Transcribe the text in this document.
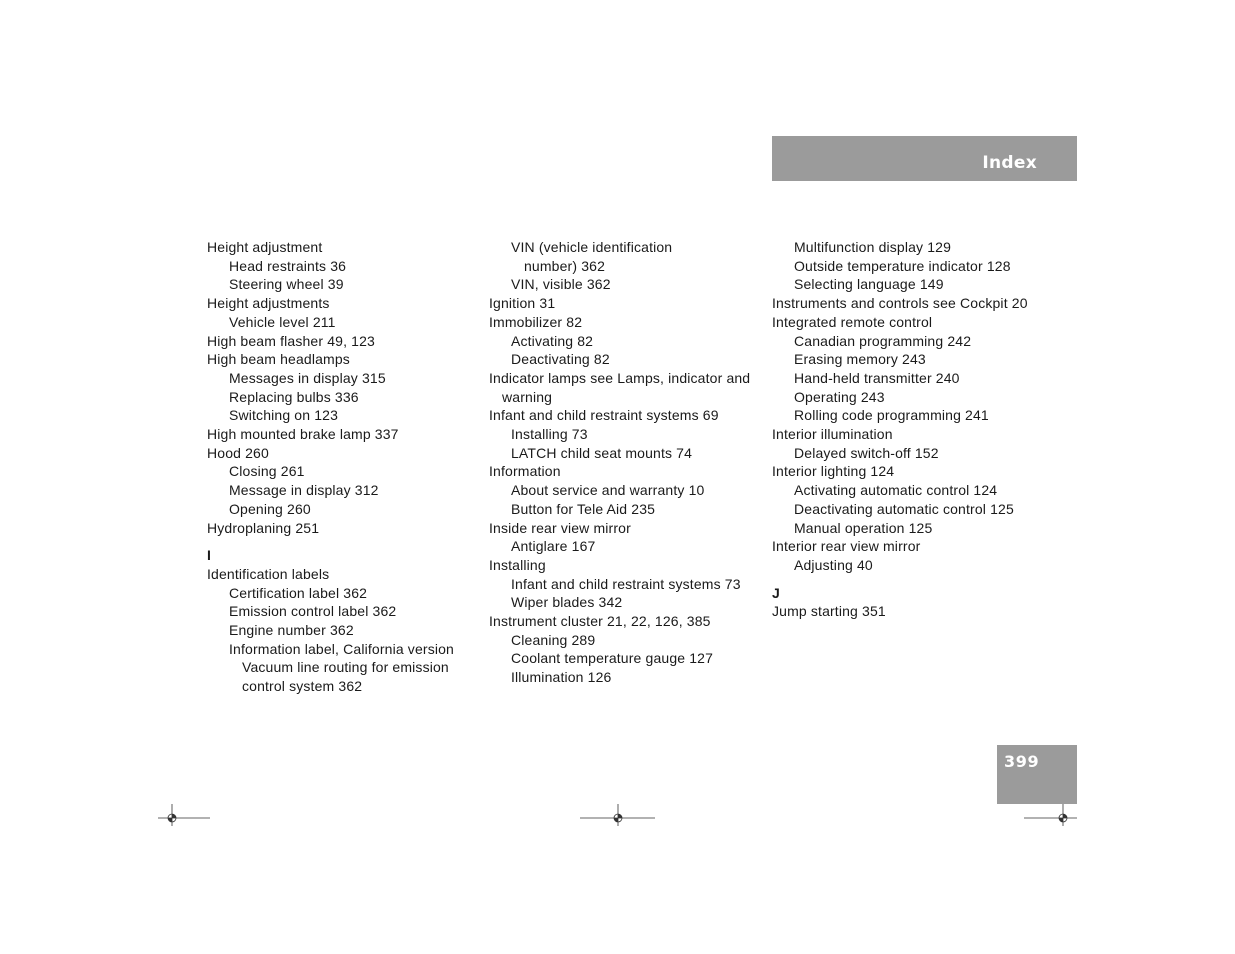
Index
Height adjustment
Head restraints 36
Steering wheel 39
Height adjustments
Vehicle level 211
High beam flasher 49, 123
High beam headlamps
Messages in display 315
Replacing bulbs 336
Switching on 123
High mounted brake lamp 337
Hood 260
Closing 261
Message in display 312
Opening 260
Hydroplaning 251
I
Identification labels
Certification label 362
Emission control label 362
Engine number 362
Information label, California version
Vacuum line routing for emission
control system 362
VIN (vehicle identification
number) 362
VIN, visible 362
Ignition 31
Immobilizer 82
Activating 82
Deactivating 82
Indicator lamps see Lamps, indicator and
warning
Infant and child restraint systems 69
Installing 73
LATCH child seat mounts 74
Information
About service and warranty 10
Button for Tele Aid 235
Inside rear view mirror
Antiglare 167
Installing
Infant and child restraint systems 73
Wiper blades 342
Instrument cluster 21, 22, 126, 385
Cleaning 289
Coolant temperature gauge 127
Illumination 126
Multifunction display 129
Outside temperature indicator 128
Selecting language 149
Instruments and controls see Cockpit 20
Integrated remote control
Canadian programming 242
Erasing memory 243
Hand-held transmitter 240
Operating 243
Rolling code programming 241
Interior illumination
Delayed switch-off 152
Interior lighting 124
Activating automatic control 124
Deactivating automatic control 125
Manual operation 125
Interior rear view mirror
Adjusting 40
J
Jump starting 351
399
